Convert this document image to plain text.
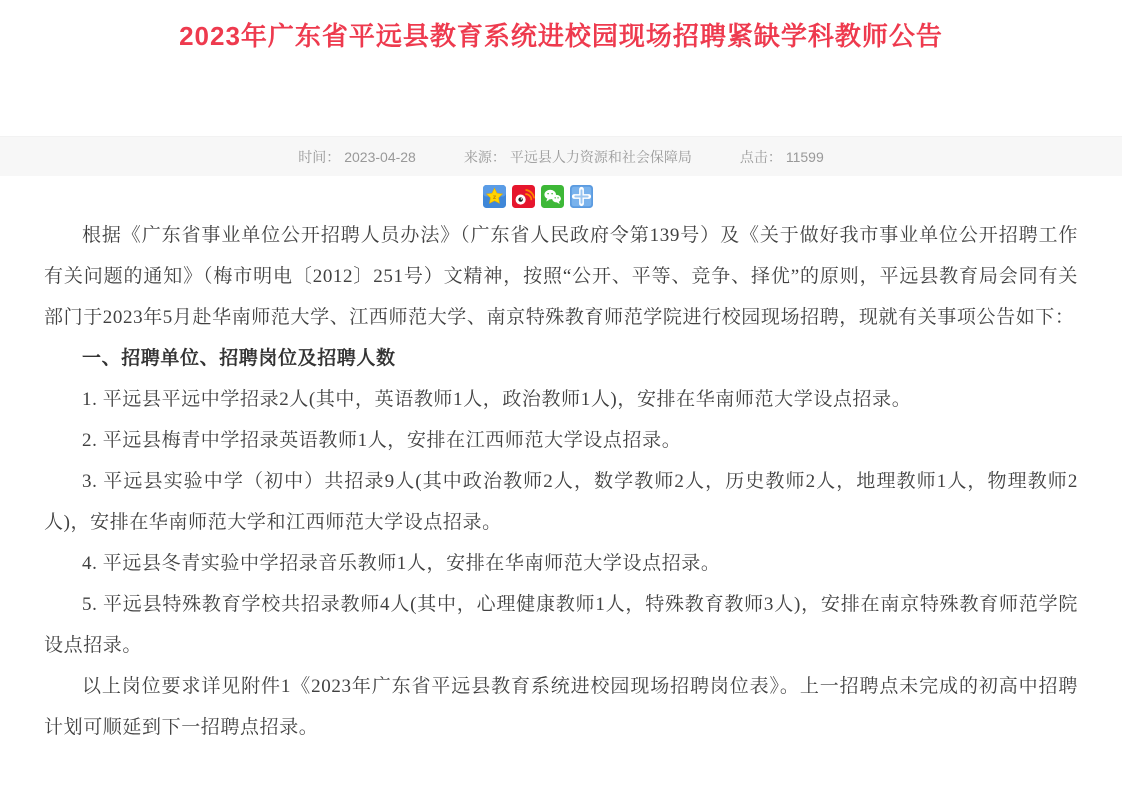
2023年广东省平远县教育系统进校园现场招聘紧缺学科教师公告
时间： 2023-04-28	来源： 平远县人力资源和社会保障局	点击： 11599
z

根据《广东省事业单位公开招聘人员办法》（广东省人民政府令第139号）及《关于做好我市事业单位公开招聘工作有关问题的通知》（梅市明电〔2012〕251号）文精神，按照“公开、平等、竞争、择优”的原则，平远县教育局会同有关部门于2023年5月赴华南师范大学、江西师范大学、南京特殊教育师范学院进行校园现场招聘，现就有关事项公告如下：

一、招聘单位、招聘岗位及招聘人数

1. 平远县平远中学招录2人(其中，英语教师1人，政治教师1人)，安排在华南师范大学设点招录。

2. 平远县梅青中学招录英语教师1人，安排在江西师范大学设点招录。

3. 平远县实验中学（初中）共招录9人(其中政治教师2人，数学教师2人，历史教师2人，地理教师1人，物理教师2人)，安排在华南师范大学和江西师范大学设点招录。

4. 平远县冬青实验中学招录音乐教师1人，安排在华南师范大学设点招录。

5. 平远县特殊教育学校共招录教师4人(其中，心理健康教师1人，特殊教育教师3人)，安排在南京特殊教育师范学院设点招录。

以上岗位要求详见附件1《2023年广东省平远县教育系统进校园现场招聘岗位表》。上一招聘点未完成的初高中招聘计划可顺延到下一招聘点招录。
